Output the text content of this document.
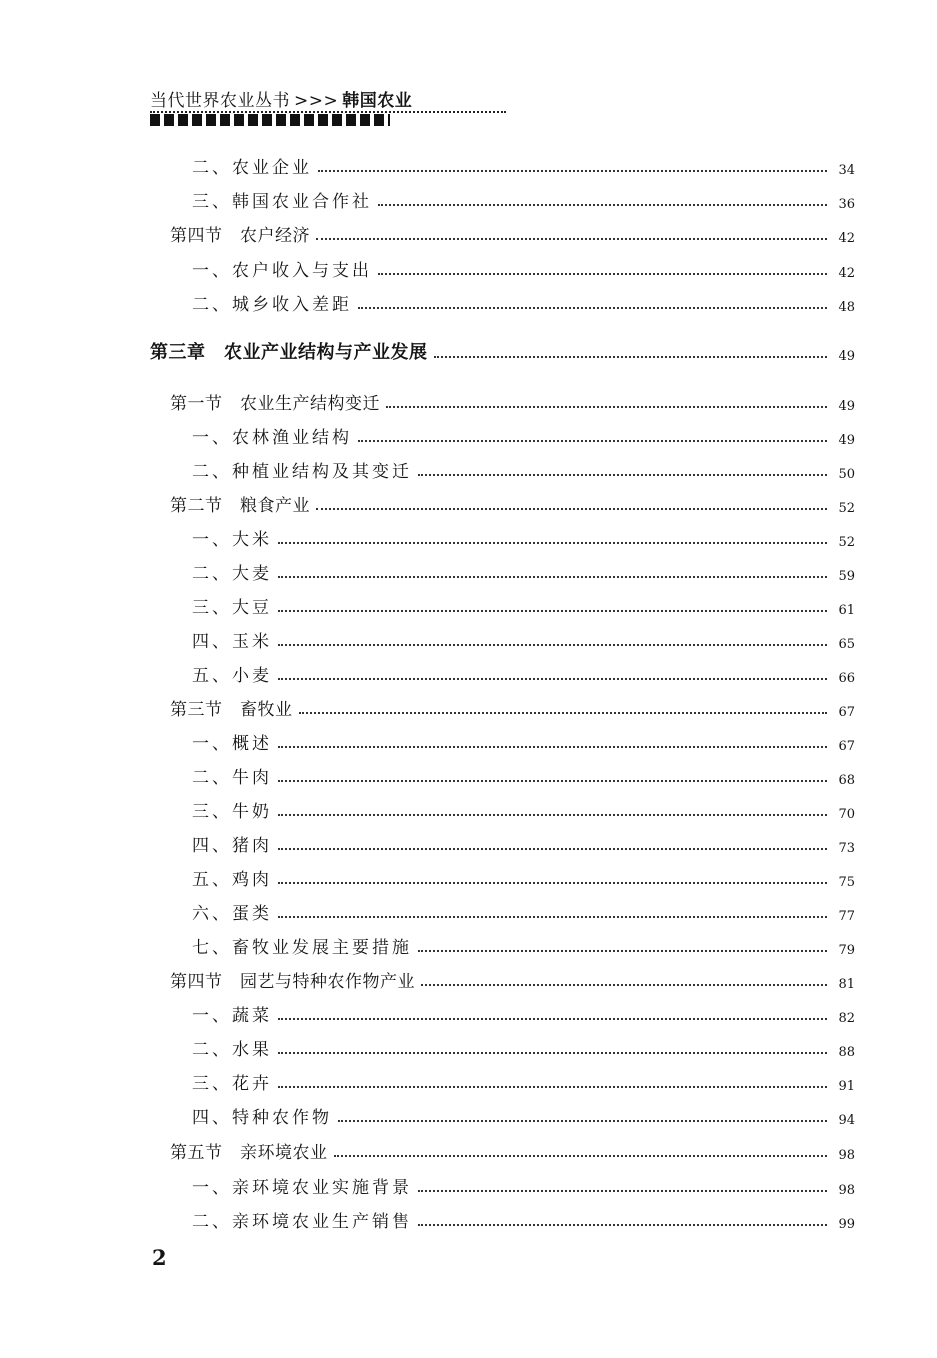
当代世界农业丛书 >>> 韩国农业
二、农业企业	34
三、韩国农业合作社	36
第四节　农户经济	42
一、农户收入与支出	42
二、城乡收入差距	48
第三章　农业产业结构与产业发展	49
第一节　农业生产结构变迁	49
一、农林渔业结构	49
二、种植业结构及其变迁	50
第二节　粮食产业	52
一、大米	52
二、大麦	59
三、大豆	61
四、玉米	65
五、小麦	66
第三节　畜牧业	67
一、概述	67
二、牛肉	68
三、牛奶	70
四、猪肉	73
五、鸡肉	75
六、蛋类	77
七、畜牧业发展主要措施	79
第四节　园艺与特种农作物产业	81
一、蔬菜	82
二、水果	88
三、花卉	91
四、特种农作物	94
第五节　亲环境农业	98
一、亲环境农业实施背景	98
二、亲环境农业生产销售	99
2
